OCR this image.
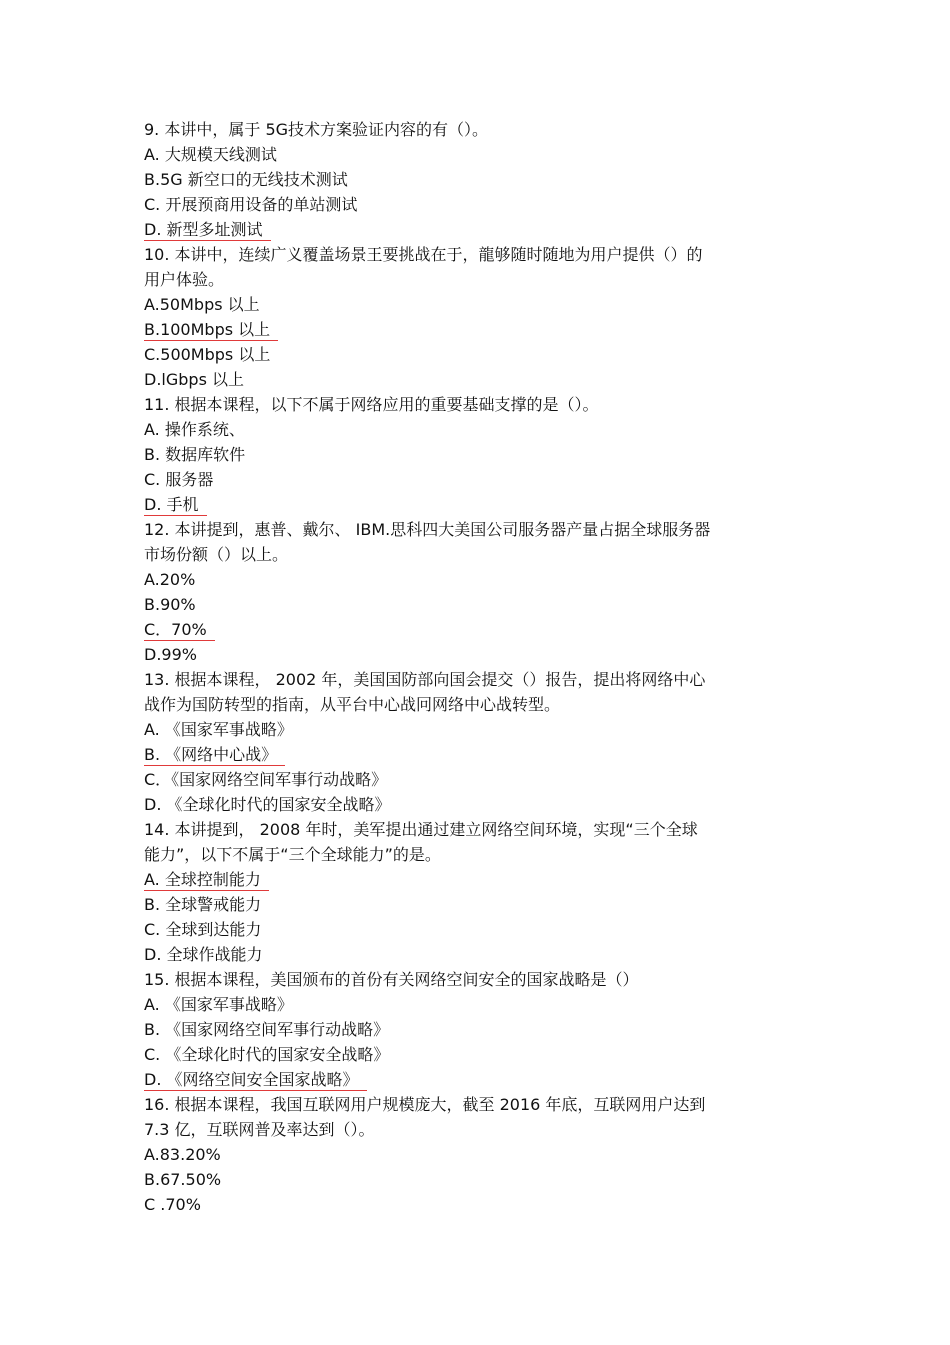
9. 本讲中，属于 5G技术方案验证内容的有（）。
A. 大规模天线测试
B.5G 新空口的无线技术测试
C. 开展预商用设备的单站测试
D. 新型多址测试
10. 本讲中，连续广义覆盖场景王要挑战在于，龍够随时随地为用户提供（）的
用户体验。
A.50Mbps 以上
B.100Mbps 以上
C.500Mbps 以上
D.lGbps 以上
11. 根据本课程，以下不属于网络应用的重要基础支撑的是（）。
A. 操作系统、
B. 数据库软件
C. 服务器
D. 手机
12. 本讲提到，惠普、戴尔、 IBM.思科四大美国公司服务器产量占据全球服务器
市场份额（）以上。
A.20%
B.90%
C．70%
D.99%
13. 根据本课程， 2002 年，美国国防部向国会提交（）报告，提出将网络中心
战作为国防转型的指南，从平台中心战冋网络中心战转型。
A. 《国家军事战略》
B. 《网络中心战》
C．《国家网络空间军事行动战略》
D. 《全球化时代的国家安全战略》
14. 本讲提到， 2008 年时，美军提出通过建立网络空间环境，实现“三个全球
能力”，以下不属于“三个全球能力”的是。
A. 全球控制能力
B. 全球警戒能力
C. 全球到达能力
D. 全球作战能力
15. 根据本课程，美国颁布的首份有关网络空间安全的国家战略是（）
A. 《国家军事战略》
B. 《国家网络空间军事行动战略》
C. 《全球化时代的国家安全战略》
D. 《网络空间安全国家战略》
16. 根据本课程，我国互联网用户规模庞大，截至 2016 年底，互联网用户达到
7.3 亿，互联网普及率达到（）。
A.83.20%
B.67.50%
C .70%
